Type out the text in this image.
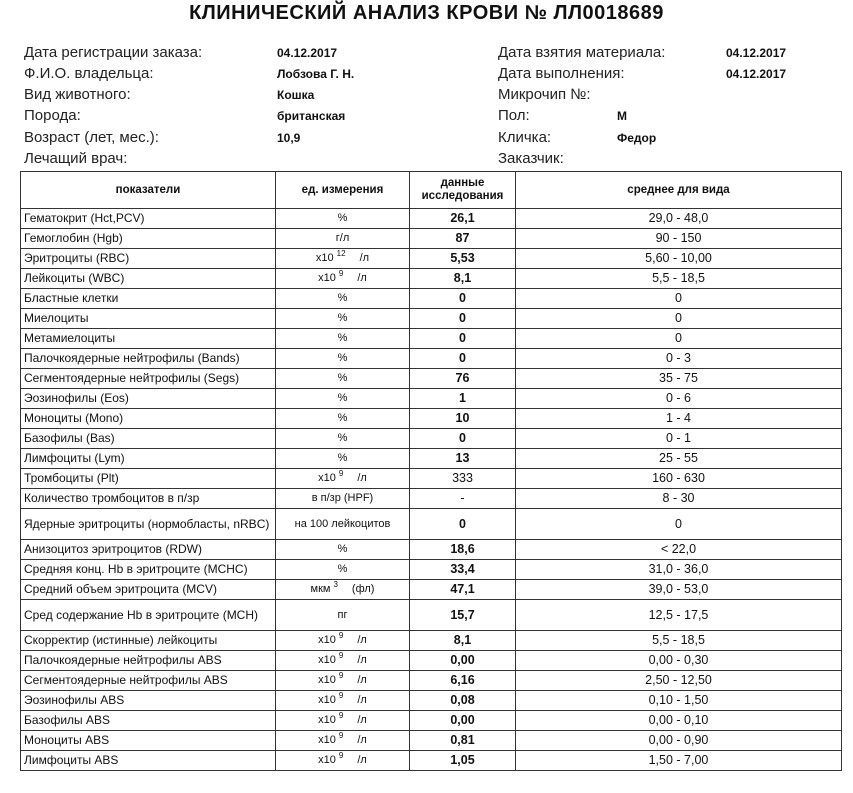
КЛИНИЧЕСКИЙ АНАЛИЗ КРОВИ № ЛЛ0018689
Дата регистрации заказа:	04.12.2017
Ф.И.О. владельца:	Лобзова Г. Н.
Вид животного:	Кошка
Порода:	британская
Возраст (лет, мес.):	10,9
Лечащий врач:
Дата взятия материала:	04.12.2017
Дата выполнения:	04.12.2017
Микрочип №:
Пол:	М
Кличка:	Федор
Заказчик:
показатели	ед. измерения	данные исследования	среднее для вида
Гематокрит (Hct,PCV)	%	26,1	29,0 - 48,0
Гемоглобин (Hgb)	г/л	87	90 - 150
Эритроциты (RBC)	x10 $^{12}$ /л	5,53	5,60 - 10,00
Лейкоциты (WBC)	x10 $^9$ /л	8,1	5,5 - 18,5
Бластные клетки	%	0	0
Миелоциты	%	0	0
Метамиелоциты	%	0	0
Палочкоядерные нейтрофилы (Bands)	%	0	0 - 3
Сегментоядерные нейтрофилы (Segs)	%	76	35 - 75
Эозинофилы (Eos)	%	1	0 - 6
Моноциты (Mono)	%	10	1 - 4
Базофилы (Bas)	%	0	0 - 1
Лимфоциты (Lym)	%	13	25 - 55
Тромбоциты (Plt)	x10 $^9$ /л	333	160 - 630
Количество тромбоцитов в п/зр	в п/зр (HPF)	-	8 - 30
Ядерные эритроциты (нормобласты, nRBC)	на 100 лейкоцитов	0	0
Анизоцитоз эритроцитов (RDW)	%	18,6	< 22,0
Средняя конц. Hb в эритроците (MCHC)	%	33,4	31,0 - 36,0
Средний объем эритроцита (MCV)	мкм $^3$ (фл)	47,1	39,0 - 53,0
Сред содержание Hb в эритроците (MCH)	пг	15,7	12,5 - 17,5
Скорректир (истинные) лейкоциты	x10 $^9$ /л	8,1	5,5 - 18,5
Палочкоядерные нейтрофилы ABS	x10 $^9$ /л	0,00	0,00 - 0,30
Сегментоядерные нейтрофилы ABS	x10 $^9$ /л	6,16	2,50 - 12,50
Эозинофилы ABS	x10 $^9$ /л	0,08	0,10 - 1,50
Базофилы ABS	x10 $^9$ /л	0,00	0,00 - 0,10
Моноциты ABS	x10 $^9$ /л	0,81	0,00 - 0,90
Лимфоциты ABS	x10 $^9$ /л	1,05	1,50 - 7,00
